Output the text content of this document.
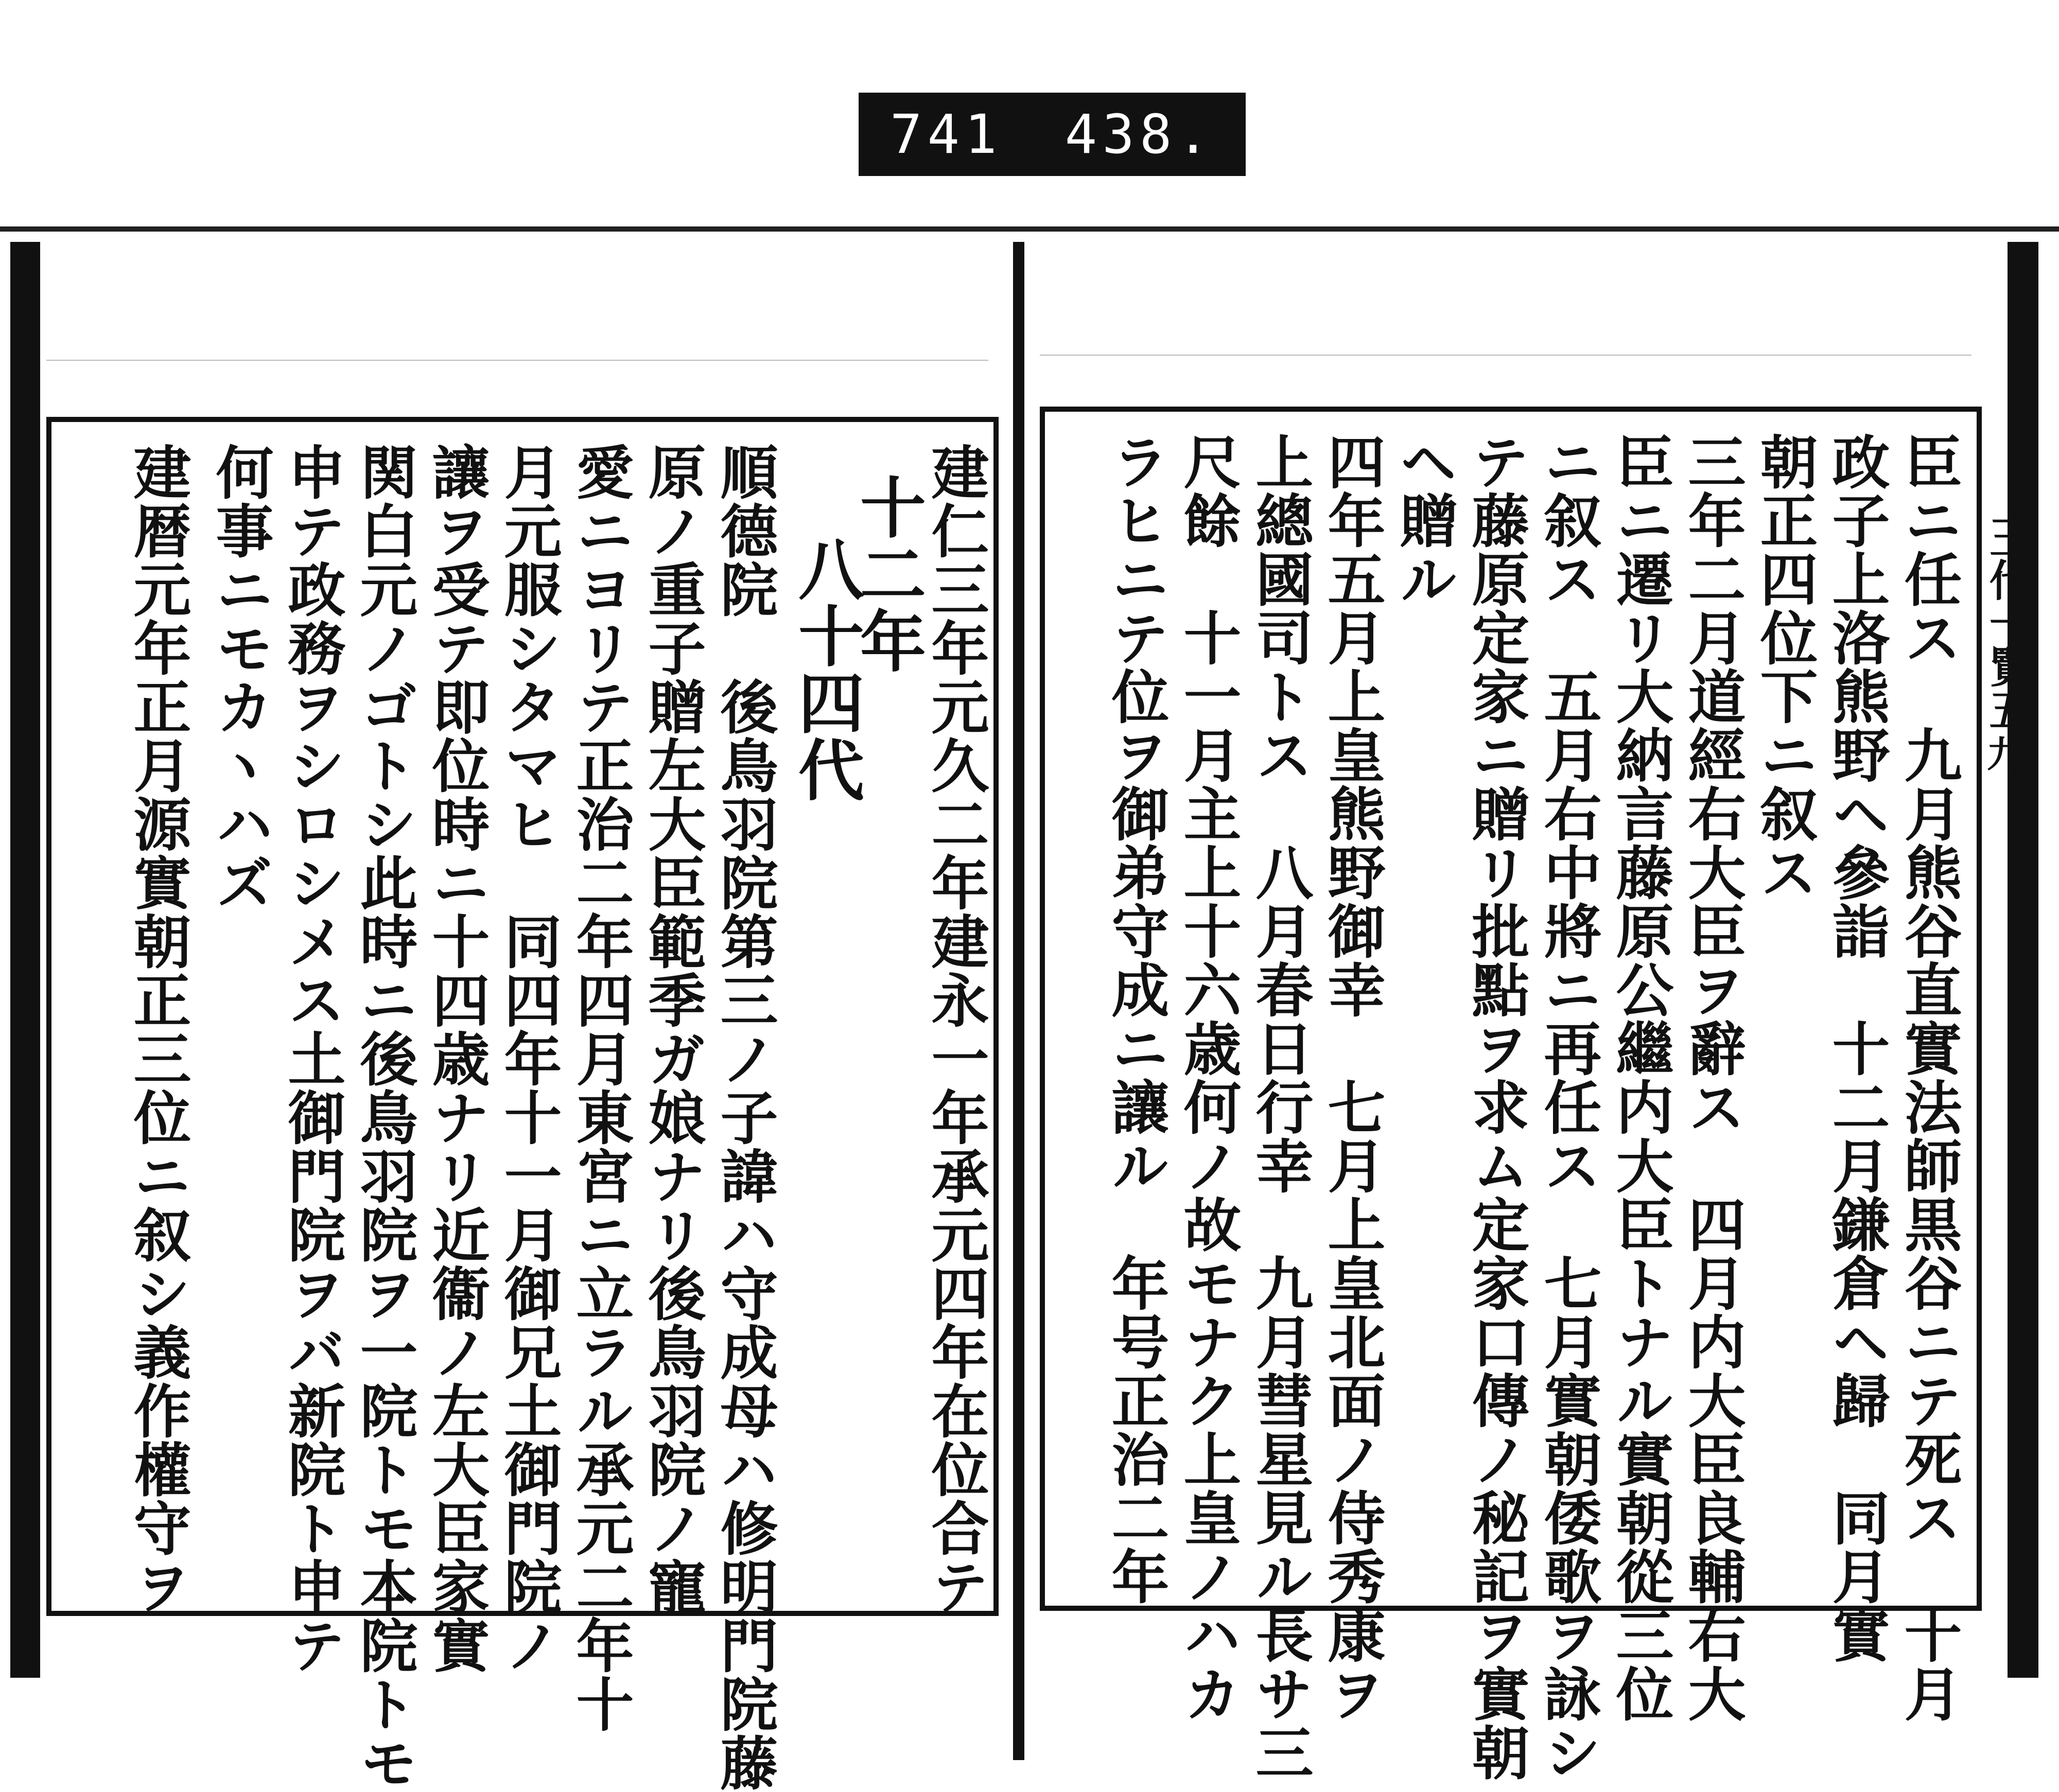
741 438.
王代一覽五
九
建仁三年元久二年建永一年承元四年在位合テ
十二年
八十四代
順德院　後鳥羽院第三ノ子諱ハ守成母ハ修明門院藤
原ノ重子贈左大臣範季ガ娘ナリ後鳥羽院ノ寵
愛ニヨリテ正治二年四月東宮ニ立ラル承元二年十
月元服シタマヒ　同四年十一月御兄土御門院ノ
讓ヲ受テ即位時ニ十四歳ナリ近衞ノ左大臣家實
関白元ノゴトシ此時ニ後鳥羽院ヲ一院トモ本院トモ
申テ政務ヲシロシメス土御門院ヲバ新院ト申テ
何事ニモカヽハズ
建暦元年正月源實朝正三位ニ叙シ義作權守ヲ	臣ニ任ス　九月熊谷直實法師黒谷ニテ死ス　十月
政子上洛熊野ヘ參詣　十二月鎌倉ヘ歸　同月實
朝正四位下ニ叙ス
三年二月道經右大臣ヲ辭ス　四月内大臣良輔右大
臣ニ遷リ大納言藤原公繼内大臣トナル實朝從三位
ニ叙ス　五月右中將ニ再任ス　七月實朝倭歌ヲ詠シ
テ藤原定家ニ贈リ批點ヲ求ム定家口傳ノ秘記ヲ實朝
ヘ贈ル
四年五月上皇熊野御幸　七月上皇北面ノ侍秀康ヲ
上總國司トス　八月春日行幸　九月彗星見ル長サ三
尺餘　十一月主上十六歳何ノ故モナク上皇ノハカ
ラヒニテ位ヲ御弟守成ニ讓ル　年号正治二年
